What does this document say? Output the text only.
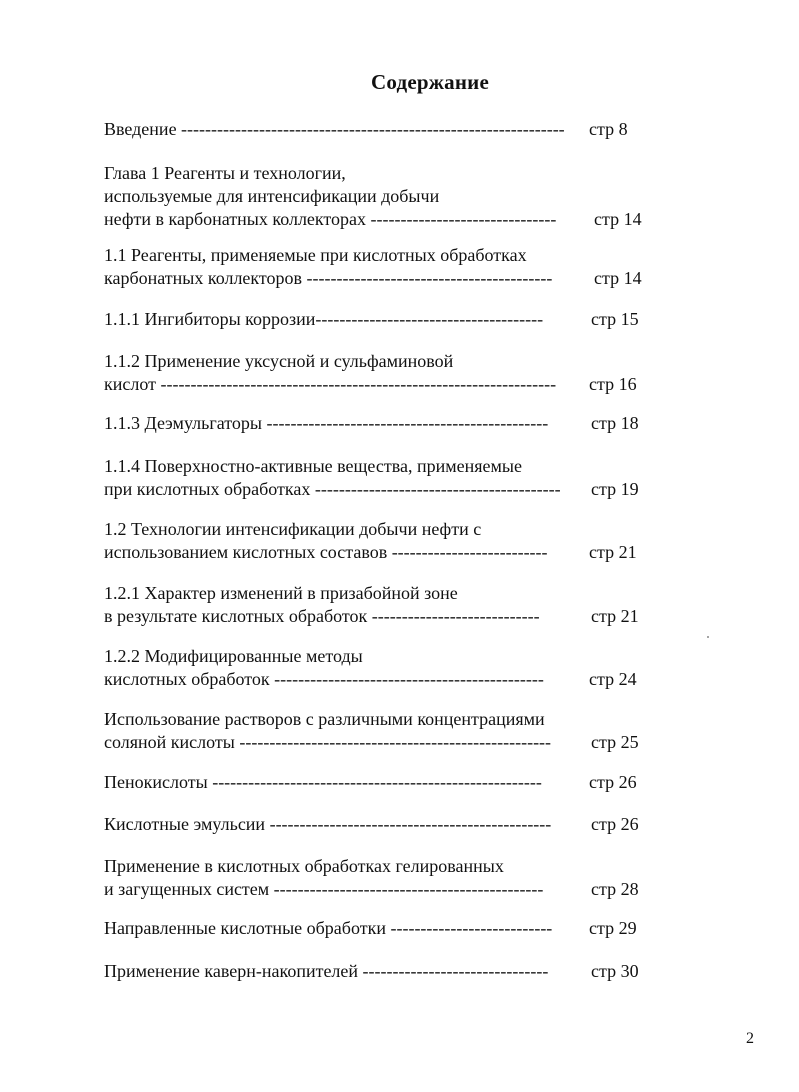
Содержание
Введение ----------------------------------------------------------------	стр 8
Глава 1 Реагенты и технологии,
используемые для интенсификации добычи
нефти в карбонатных коллекторах -------------------------------	стр 14
1.1 Реагенты, применяемые при кислотных обработках
карбонатных коллекторов -----------------------------------------	стр 14
1.1.1 Ингибиторы коррозии--------------------------------------	стр 15
1.1.2 Применение уксусной и сульфаминовой
кислот ------------------------------------------------------------------	стр 16
1.1.3 Деэмульгаторы -----------------------------------------------	стр 18
1.1.4 Поверхностно-активные вещества, применяемые
при кислотных обработках -----------------------------------------	стр 19
1.2 Технологии интенсификации добычи нефти с
использованием кислотных составов --------------------------	стр 21
1.2.1 Характер изменений в призабойной зоне
в результате кислотных обработок ----------------------------	стр 21
1.2.2 Модифицированные методы
кислотных обработок ---------------------------------------------	стр 24
Использование растворов с различными концентрациями
соляной кислоты ----------------------------------------------------	стр 25
Пенокислоты -------------------------------------------------------	стр 26
Кислотные эмульсии -----------------------------------------------	стр 26
Применение в кислотных обработках гелированных
и загущенных систем ---------------------------------------------	стр 28
Направленные кислотные обработки ---------------------------	стр 29
Применение каверн-накопителей -------------------------------	стр 30
2
